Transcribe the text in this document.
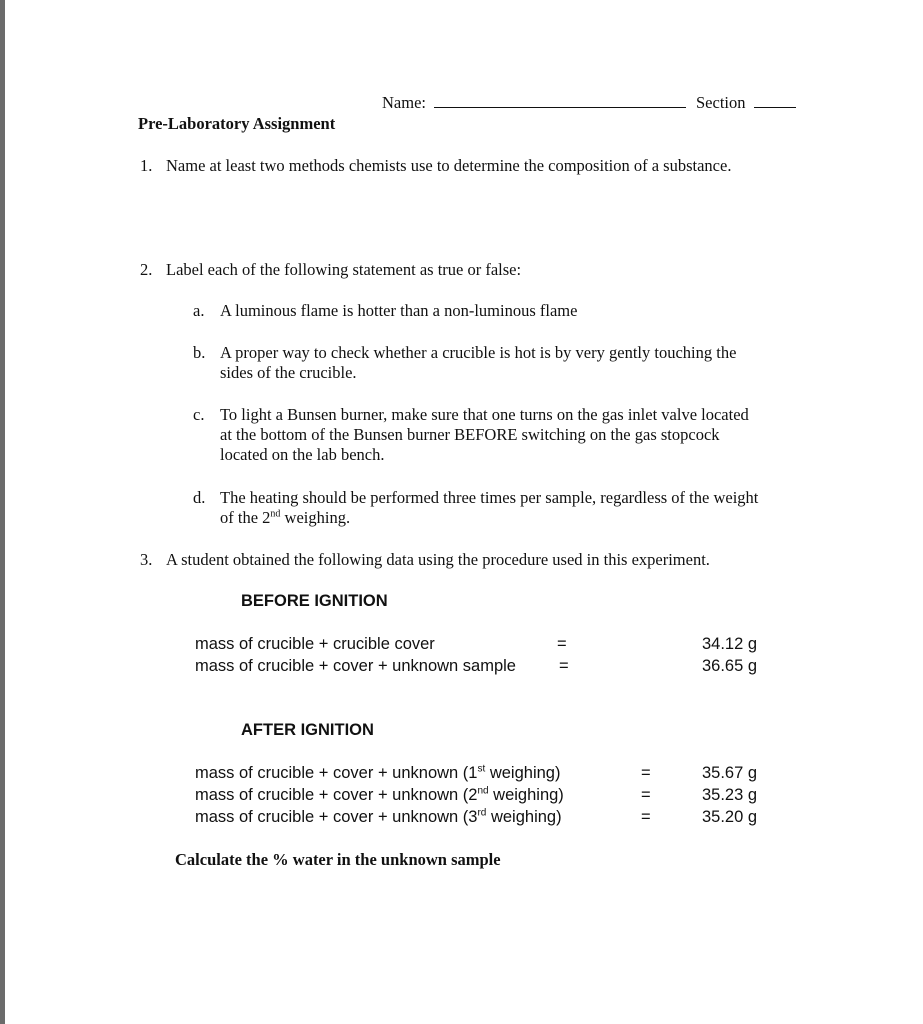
Name:	Section
Pre-Laboratory Assignment
1. Name at least two methods chemists use to determine the composition of a substance.
2. Label each of the following statement as true or false:
a. A luminous flame is hotter than a non-luminous flame
b. A proper way to check whether a crucible is hot is by very gently touching the
sides of the crucible.
c. To light a Bunsen burner, make sure that one turns on the gas inlet valve located
at the bottom of the Bunsen burner BEFORE switching on the gas stopcock
located on the lab bench.
d. The heating should be performed three times per sample, regardless of the weight
of the 2nd weighing.
3. A student obtained the following data using the procedure used in this experiment.
BEFORE IGNITION
mass of crucible + crucible cover	=	34.12 g
mass of crucible + cover + unknown sample	=	36.65 g
AFTER IGNITION
mass of crucible + cover + unknown (1st weighing)	=	35.67 g
mass of crucible + cover + unknown (2nd weighing)	=	35.23 g
mass of crucible + cover + unknown (3rd weighing)	=	35.20 g
Calculate the % water in the unknown sample
